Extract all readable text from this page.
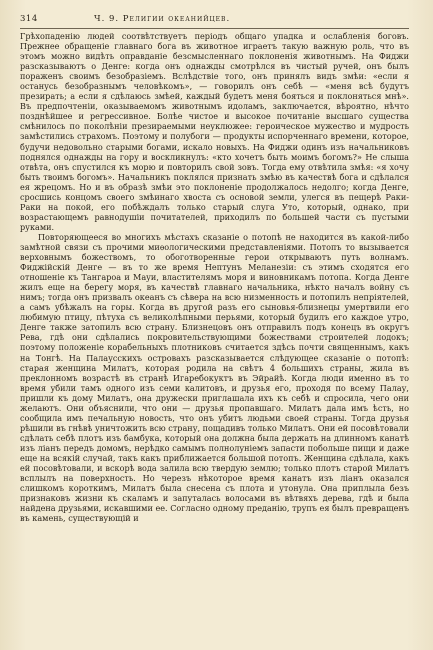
314	Ч. 9. Религии океанийцев.

Грѣхопаденію людей соотвѣтствуетъ періодъ общаго упадка и ослабленія боговъ. Прежнее обращеніе главнаго бога въ животное играетъ такую важную роль, что въ этомъ можно видѣть оправданіе безсмысленнаго поклоненія животнымъ. На Фиджи разсказываютъ о Денге: когда онъ однажды смотрѣлся въ чистый ручей, онъ былъ пораженъ своимъ безобразіемъ. Вслѣдствіе того, онъ принялъ видъ змѣи: «если я останусь безобразнымъ человѣкомъ», — говорилъ онъ себѣ — «меня всѣ будутъ презирать; а если я сдѣлаюсь змѣей, каждый будетъ меня бояться и поклоняться мнѣ». Въ предпочтеніи, оказываемомъ животнымъ идоламъ, заключается, вѣроятно, нѣчто позднѣйшее и регрессивное. Болѣе чистое и высокое почитаніе высшаго существа смѣнилось по поколѣніи презираемыми неуклюжее: героическое мужество и мудрость замѣстились страхомъ. Поэтому и полубоги — продукты испорченнаго времени, которое, будучи недовольно старыми богами, искало новыхъ. На Фиджи одинъ изъ начальниковъ поднялся однажды на гору и воскликнулъ: «кто хочетъ быть моимъ богомъ?» Не слыша отвѣта, онъ спустился къ морю и повторилъ свой зовъ. Тогда ему отвѣтила змѣя: «я хочу быть твоимъ богомъ». Начальникъ поклялся признать змѣю въ качествѣ бога и сдѣлался ея жрецомъ. Но и въ образѣ змѣи это поклоненіе продолжалось недолго; когда Денге, сросшись концомъ своего змѣинаго хвоста съ основой земли, улегся въ пещерѣ Раки-Раки на покой, его побѣждалъ только старый слуга Уто, который, однако, при возрастающемъ равнодушіи почитателей, приходилъ по большей части съ пустыми руками.

Повторяющееся во многихъ мѣстахъ сказаніе о потопѣ не находится въ какой-либо замѣтной связи съ прочими миѳологическими представленіями. Потопъ то вызывается верховнымъ божествомъ, то обоготворенные герои открываютъ путь волнамъ. Фиджійскій Денге — въ то же время Нептунъ Меланезіи: съ этимъ сходятся его отношеніе къ Тангароа и Мауи, властителямъ моря и виновникамъ потопа. Когда Денге жилъ еще на берегу моря, въ качествѣ главнаго начальника, нѣкто началъ войну съ нимъ; тогда онъ призвалъ океанъ съ сѣвера на всю низменность и потопилъ непріятелей, а самъ убѣжалъ на горы. Когда въ другой разъ его сыновья-близнецы умертвили его любимую птицу, пѣтуха съ великолѣпными перьями, который будилъ его каждое утро, Денге также затопилъ всю страну. Близнецовъ онъ отправилъ подъ конецъ въ округъ Рева, гдѣ они сдѣлались покровительствующими божествами строителей лодокъ; поэтому положеніе корабельныхъ плотниковъ считается здѣсь почти священнымъ, какъ на Тонгѣ. На Палаусскихъ островахъ разсказывается слѣдующее сказаніе о потопѣ: старая женщина Милатъ, которая родила на свѣтъ 4 большихъ страны, жила въ преклонномъ возрастѣ въ странѣ Игаребокуктъ въ Эйрайѣ. Когда люди именно въ то время убили тамъ одного изъ семи калитовъ, и друзья его, проходя по всему Палау, пришли къ дому Милатъ, она дружески приглашала ихъ къ себѣ и спросила, чего они желаютъ. Они объяснили, что они — друзья пропавшаго. Милатъ дала имъ ѣсть, но сообщила имъ печальную новость, что онъ убитъ людьми своей страны. Тогда друзья рѣшили въ гнѣвѣ уничтожить всю страну, пощадивъ только Милатъ. Они ей посовѣтовали сдѣлать себѣ плотъ изъ бамбука, который она должна была держать на длинномъ канатѣ изъ ліанъ передъ домомъ, нерѣдко самымъ полнолуніемъ запасти побольше пищи и даже еще на всякій случай, такъ какъ приближается большой потопъ. Женщина сдѣлала, какъ ей посовѣтовали, и вскорѣ вода залила всю твердую землю; только плотъ старой Милатъ всплылъ на поверхность. Но черезъ нѣкоторое время канатъ изъ ліанъ оказался слишкомъ короткимъ, Милатъ была снесена съ плота и утонула. Она приплыла безъ признаковъ жизни къ скаламъ и запуталась волосами въ вѣтвяхъ дерева, гдѣ и была найдена друзьями, искавшими ее. Согласно одному преданію, трупъ ея былъ превращенъ въ камень, существующій и
